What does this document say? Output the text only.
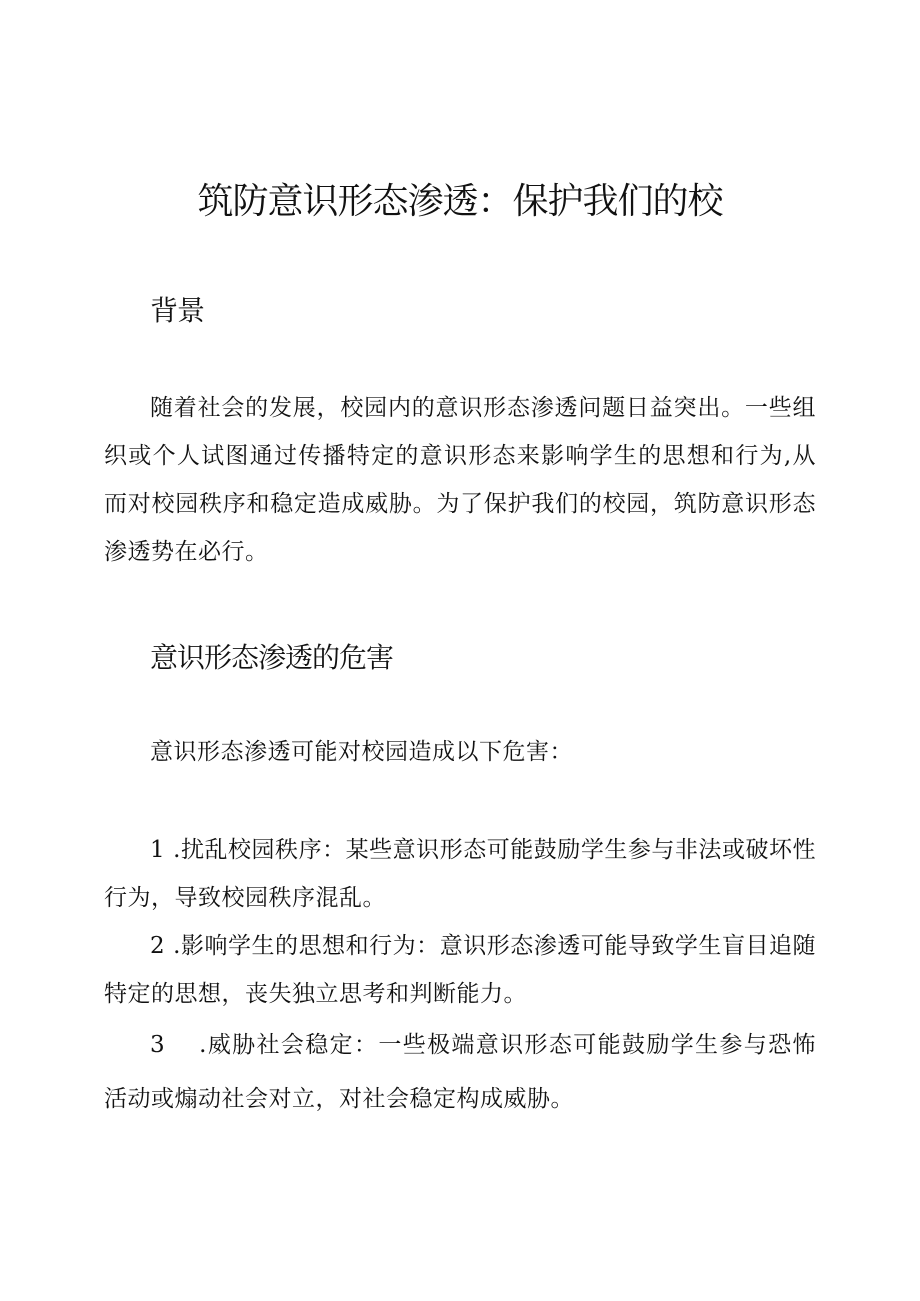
筑防意识形态渗透：保护我们的校
背景

随着社会的发展，校园内的意识形态渗透问题日益突出。一些组织或个人试图通过传播特定的意识形态来影响学生的思想和行为,从而对校园秩序和稳定造成威胁。为了保护我们的校园，筑防意识形态渗透势在必行。

意识形态渗透的危害

意识形态渗透可能对校园造成以下危害：

1 .扰乱校园秩序：某些意识形态可能鼓励学生参与非法或破坏性行为，导致校园秩序混乱。

2 .影响学生的思想和行为：意识形态渗透可能导致学生盲目追随特定的思想，丧失独立思考和判断能力。

3 .威胁社会稳定：一些极端意识形态可能鼓励学生参与恐怖活动或煽动社会对立，对社会稳定构成威胁。
